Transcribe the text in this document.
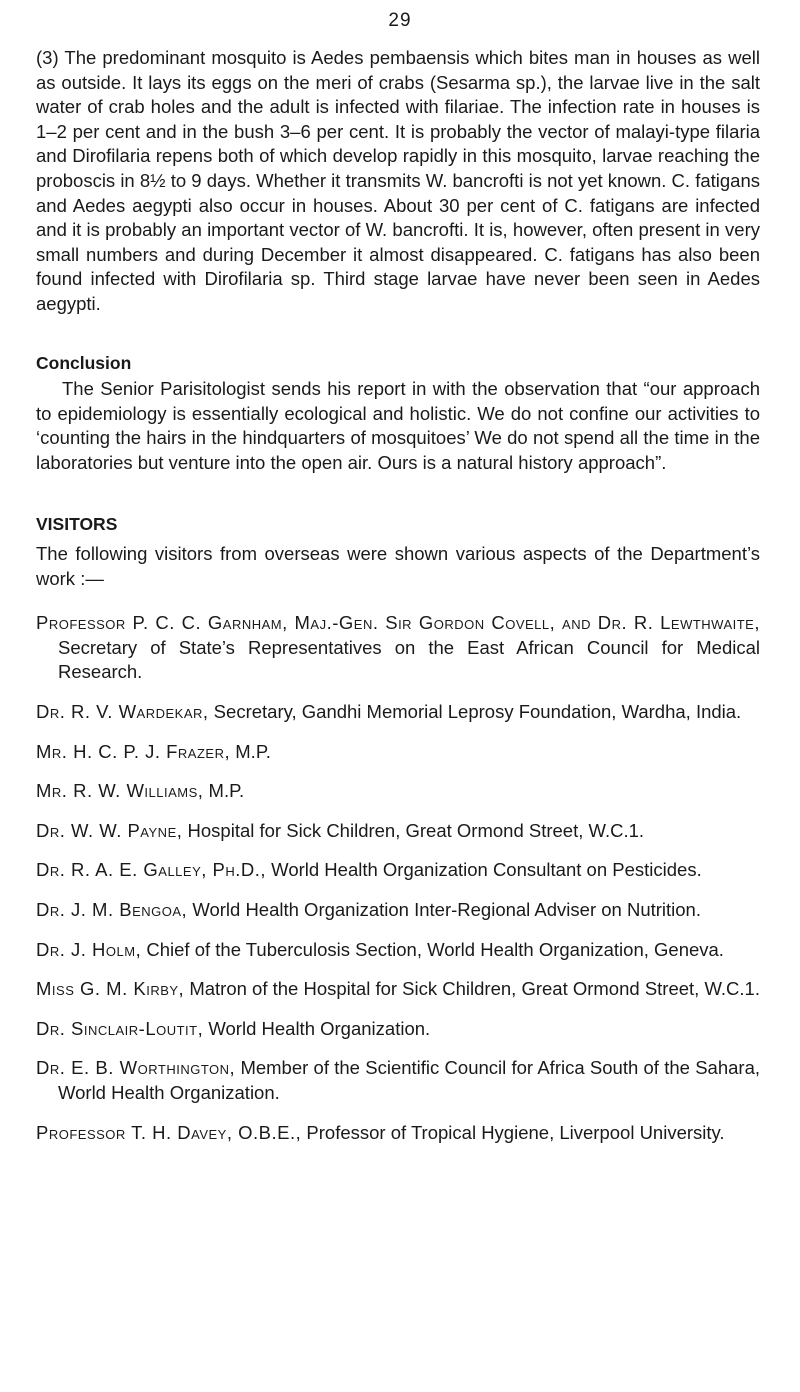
29

(3) The predominant mosquito is Aedes pembaensis which bites man in houses as well as outside. It lays its eggs on the meri of crabs (Sesarma sp.), the larvae live in the salt water of crab holes and the adult is infected with filariae. The infection rate in houses is 1–2 per cent and in the bush 3–6 per cent. It is probably the vector of malayi-type filaria and Dirofilaria repens both of which develop rapidly in this mosquito, larvae reaching the proboscis in 8½ to 9 days. Whether it transmits W. bancrofti is not yet known. C. fatigans and Aedes aegypti also occur in houses. About 30 per cent of C. fatigans are infected and it is probably an important vector of W. bancrofti. It is, however, often present in very small numbers and during December it almost disappeared. C. fatigans has also been found infected with Dirofilaria sp. Third stage larvae have never been seen in Aedes aegypti.

Conclusion

The Senior Parisitologist sends his report in with the observation that “our approach to epidemiology is essentially ecological and holistic. We do not confine our activities to ‘counting the hairs in the hindquarters of mosquitoes’ We do not spend all the time in the laboratories but venture into the open air. Ours is a natural history approach”.

VISITORS

The following visitors from overseas were shown various aspects of the Department’s work :—

Professor P. C. C. Garnham, Maj.-Gen. Sir Gordon Covell, and Dr. R. Lewthwaite, Secretary of State’s Representatives on the East African Council for Medical Research.

Dr. R. V. Wardekar, Secretary, Gandhi Memorial Leprosy Foundation, Wardha, India.

Mr. H. C. P. J. Frazer, M.P.

Mr. R. W. Williams, M.P.

Dr. W. W. Payne, Hospital for Sick Children, Great Ormond Street, W.C.1.

Dr. R. A. E. Galley, Ph.D., World Health Organization Consultant on Pesticides.

Dr. J. M. Bengoa, World Health Organization Inter-Regional Adviser on Nutrition.

Dr. J. Holm, Chief of the Tuberculosis Section, World Health Organization, Geneva.

Miss G. M. Kirby, Matron of the Hospital for Sick Children, Great Ormond Street, W.C.1.

Dr. Sinclair-Loutit, World Health Organization.

Dr. E. B. Worthington, Member of the Scientific Council for Africa South of the Sahara, World Health Organization.

Professor T. H. Davey, O.B.E., Professor of Tropical Hygiene, Liverpool University.
